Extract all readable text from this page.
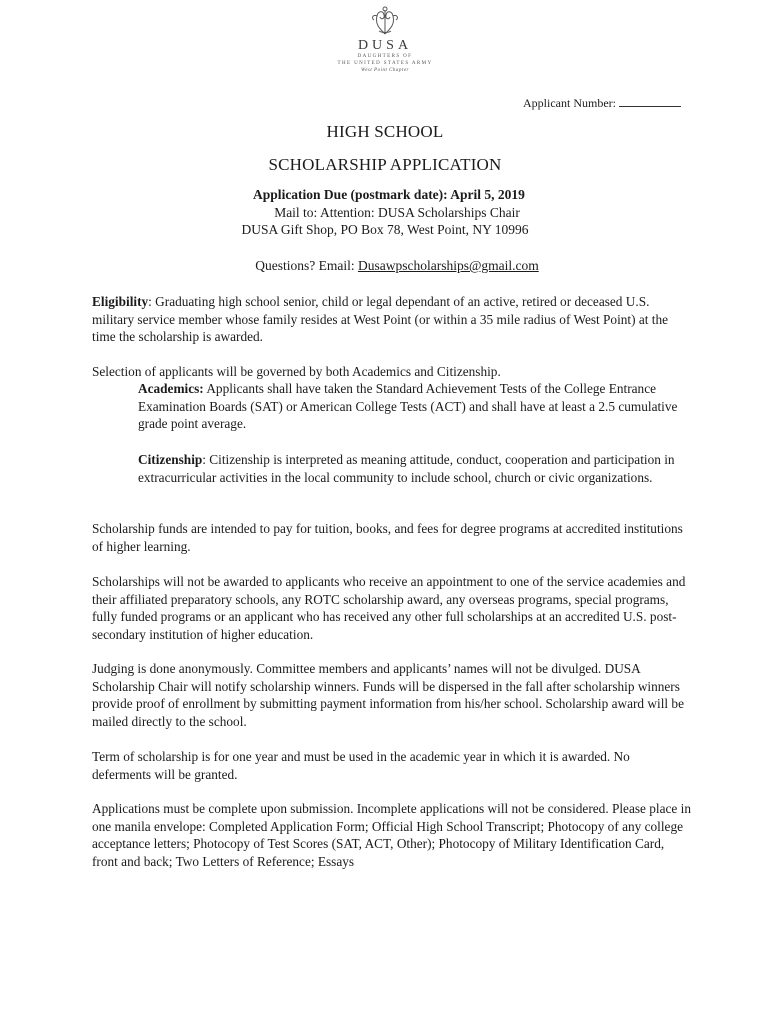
DUSA
DAUGHTERS OF
THE UNITED STATES ARMY
West Point Chapter
Applicant Number:
HIGH SCHOOL
SCHOLARSHIP APPLICATION
Application Due (postmark date): April 5, 2019
Mail to: Attention: DUSA Scholarships Chair
DUSA Gift Shop, PO Box 78, West Point, NY 10996
Questions? Email: Dusawpscholarships@gmail.com

Eligibility: Graduating high school senior, child or legal dependant of an active, retired or deceased U.S. military service member whose family resides at West Point (or within a 35 mile radius of West Point) at the time the scholarship is awarded.

Selection of applicants will be governed by both Academics and Citizenship.

Academics: Applicants shall have taken the Standard Achievement Tests of the College Entrance Examination Boards (SAT) or American College Tests (ACT) and shall have at least a 2.5 cumulative grade point average.

Citizenship: Citizenship is interpreted as meaning attitude, conduct, cooperation and participation in extracurricular activities in the local community to include school, church or civic organizations.

Scholarship funds are intended to pay for tuition, books, and fees for degree programs at accredited institutions of higher learning.

Scholarships will not be awarded to applicants who receive an appointment to one of the service academies and their affiliated preparatory schools, any ROTC scholarship award, any overseas programs, special programs, fully funded programs or an applicant who has received any other full scholarships at an accredited U.S. post-secondary institution of higher education.

Judging is done anonymously. Committee members and applicants’ names will not be divulged. DUSA Scholarship Chair will notify scholarship winners. Funds will be dispersed in the fall after scholarship winners provide proof of enrollment by submitting payment information from his/her school. Scholarship award will be mailed directly to the school.

Term of scholarship is for one year and must be used in the academic year in which it is awarded. No deferments will be granted.

Applications must be complete upon submission. Incomplete applications will not be considered. Please place in one manila envelope: Completed Application Form; Official High School Transcript; Photocopy of any college acceptance letters; Photocopy of Test Scores (SAT, ACT, Other); Photocopy of Military Identification Card, front and back; Two Letters of Reference; Essays
